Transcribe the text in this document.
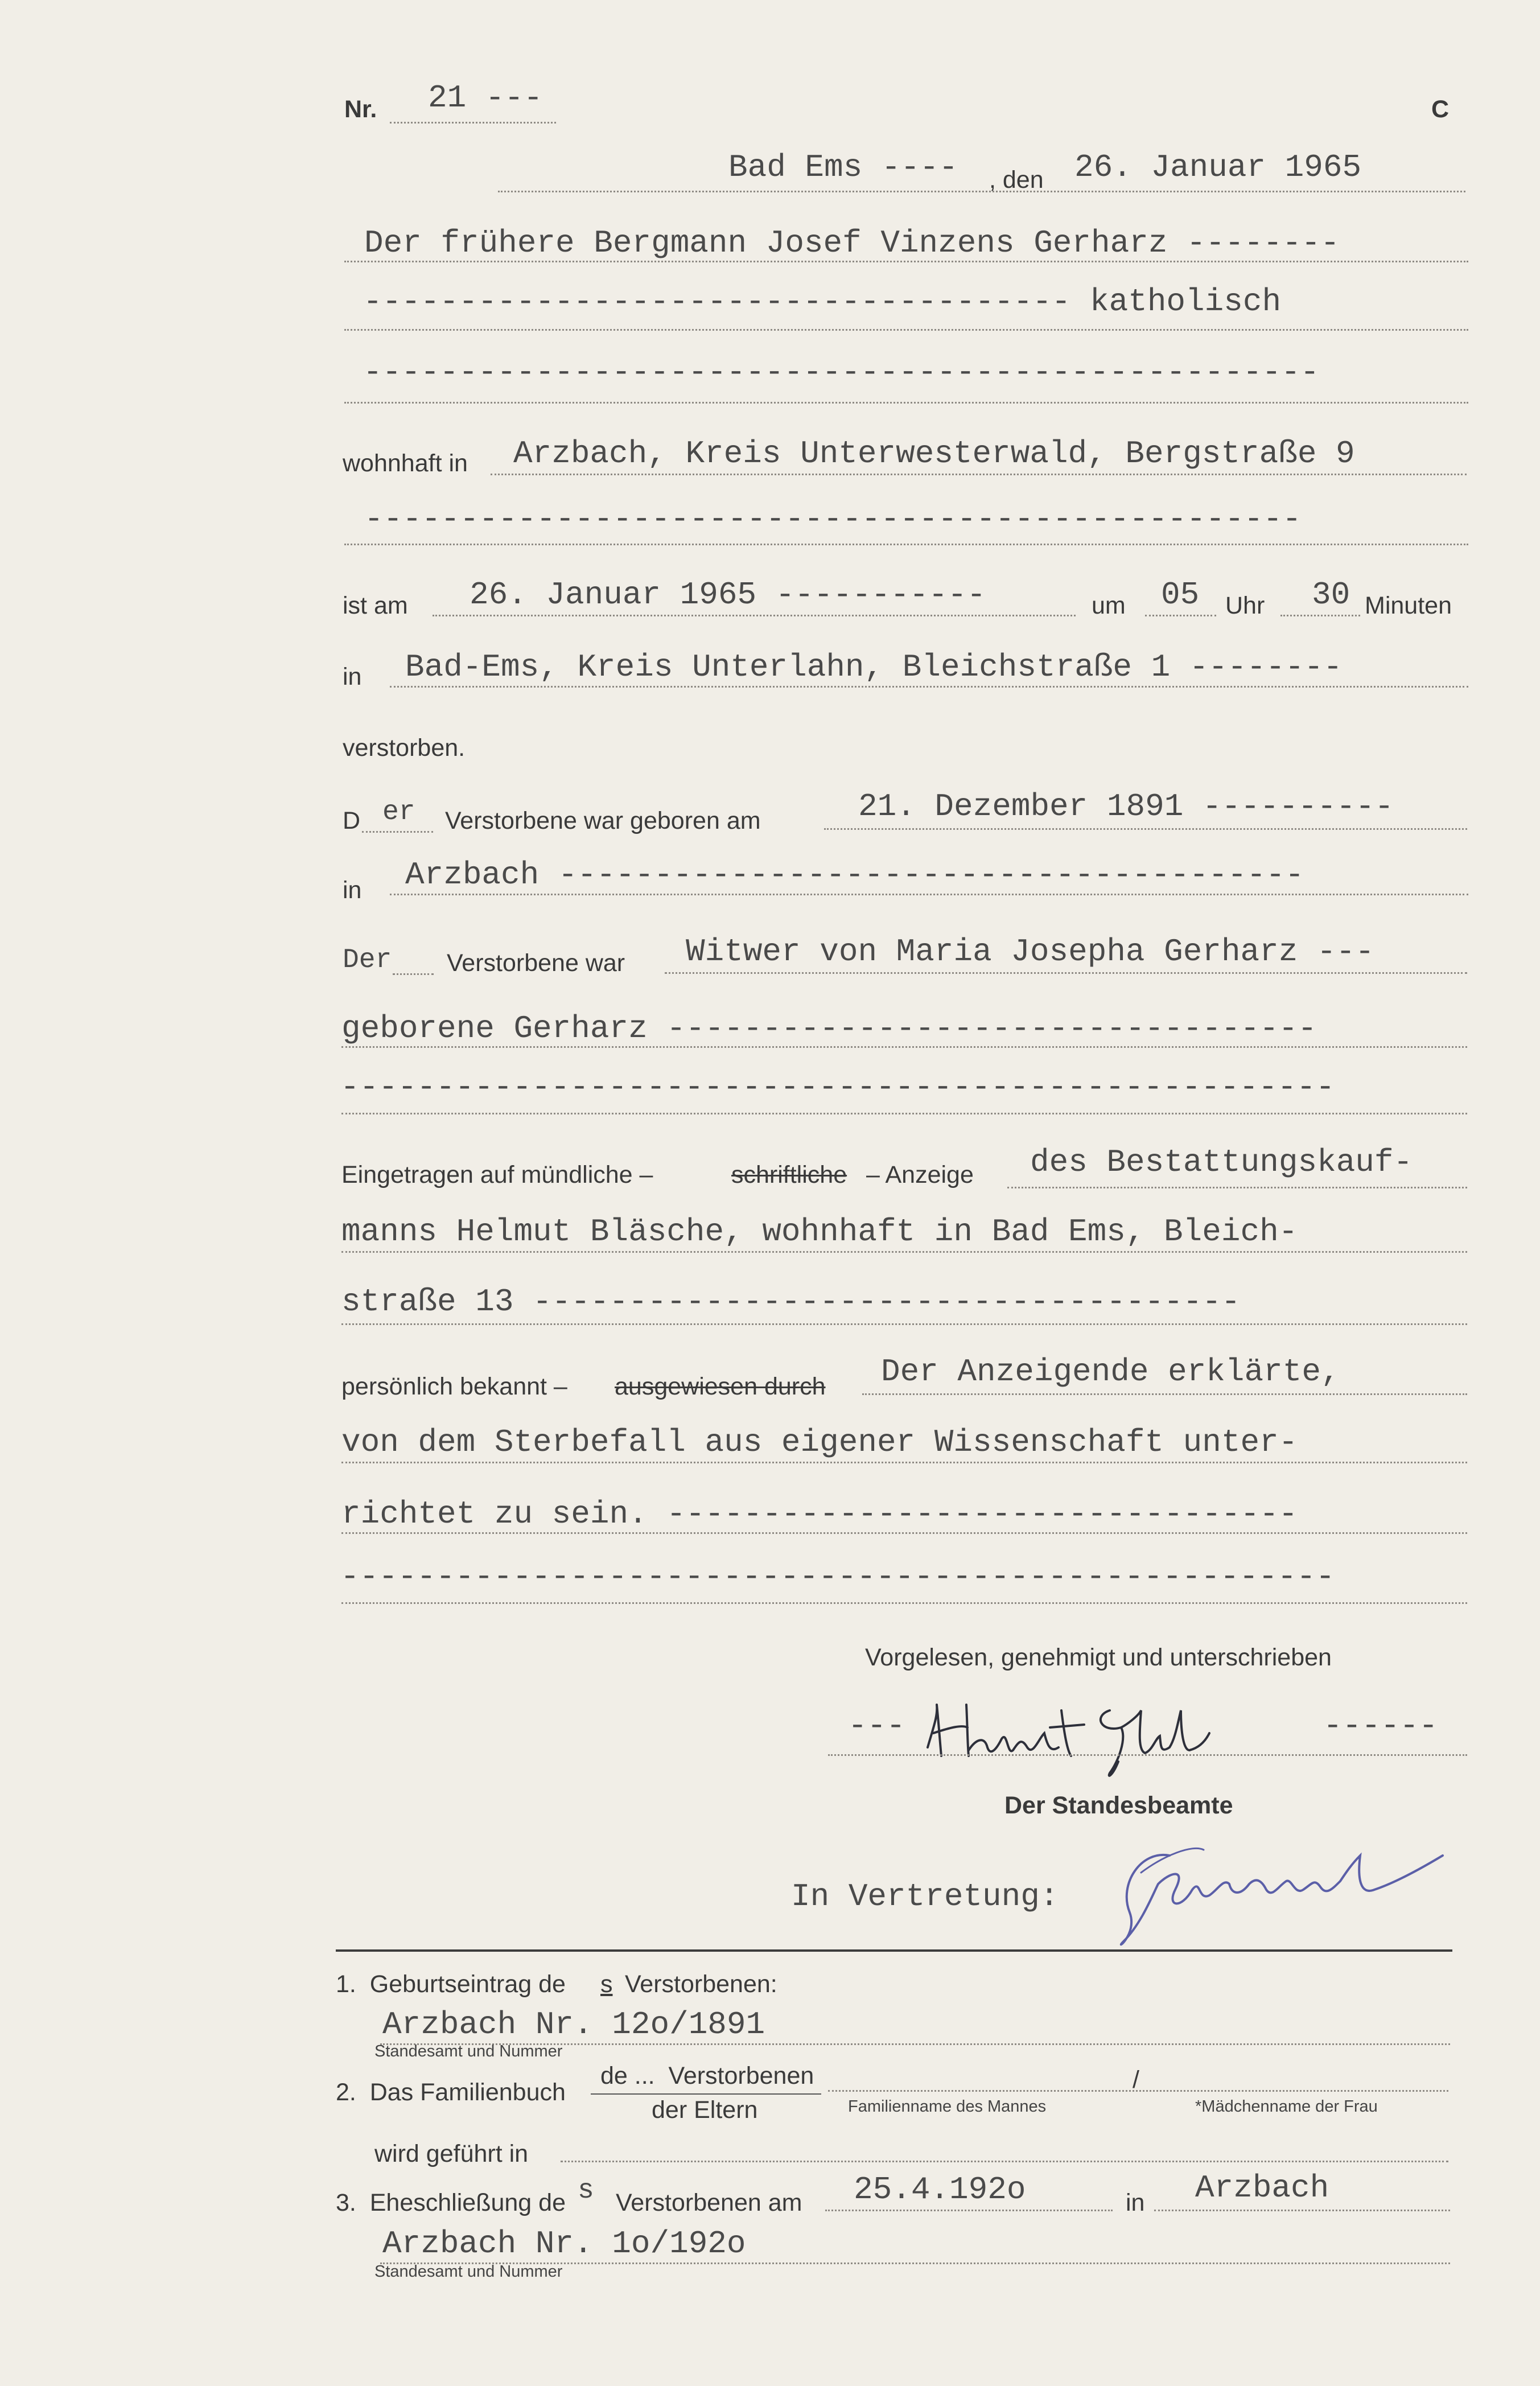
Nr. 21 ---	C
Bad Ems ---- , den 26. Januar 1965
Der frühere Bergmann Josef Vinzens Gerharz --------
------------------------------------- katholisch
--------------------------------------------------
wohnhaft in Arzbach, Kreis Unterwesterwald, Bergstraße 9
-------------------------------------------------
ist am 26. Januar 1965 -----------	um 05 Uhr 30 Minuten
in Bad-Ems, Kreis Unterlahn, Bleichstraße 1 --------
verstorben.
D er Verstorbene war geboren am	21. Dezember 1891 ----------
in Arzbach ---------------------------------------
Der Verstorbene war Witwer von Maria Josepha Gerharz ---
geborene Gerharz ----------------------------------
----------------------------------------------------
Eingetragen auf mündliche –	schriftliche – Anzeige des Bestattungskauf-
manns Helmut Bläsche, wohnhaft in Bad Ems, Bleich-
straße 13 -------------------------------------
persönlich bekannt – ausgewiesen durch Der Anzeigende erklärte,
von dem Sterbefall aus eigener Wissenschaft unter-
richtet zu sein. ---------------------------------
----------------------------------------------------
Vorgelesen, genehmigt und unterschrieben
---	------
Der Standesbeamte
In Vertretung:
1.  Geburtseintrag de s Verstorbenen:
Arzbach Nr. 12o/1891
Standesamt und Nummer
2.  Das Familienbuch
de ...  Verstorbenen
der Eltern
/
Familienname des Mannes	*Mädchenname der Frau
wird geführt in
3.  Eheschließung de s Verstorbenen am 25.4.192o	in Arzbach
Arzbach Nr. 1o/192o
Standesamt und Nummer
